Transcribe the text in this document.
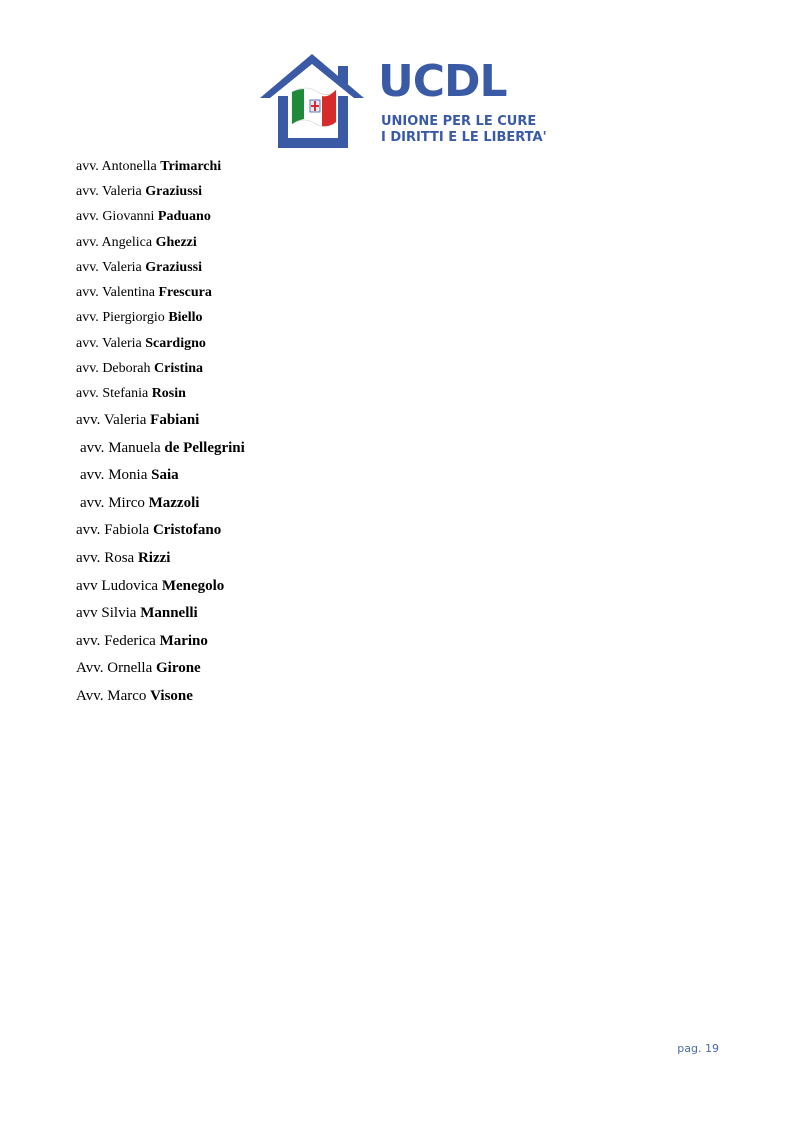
UCDL
UNIONE PER LE CURE
I DIRITTI E LE LIBERTA'
avv. Antonella Trimarchi
avv. Valeria Graziussi
avv. Giovanni Paduano
avv. Angelica Ghezzi
avv. Valeria Graziussi
avv. Valentina Frescura
avv. Piergiorgio Biello
avv. Valeria Scardigno
avv. Deborah Cristina
avv. Stefania Rosin
avv. Valeria Fabiani
avv. Manuela de Pellegrini
avv. Monia Saia
avv. Mirco Mazzoli
avv. Fabiola Cristofano
avv. Rosa Rizzi
avv Ludovica Menegolo
avv Silvia Mannelli
avv. Federica Marino
Avv. Ornella Girone
Avv. Marco Visone
pag. 19
